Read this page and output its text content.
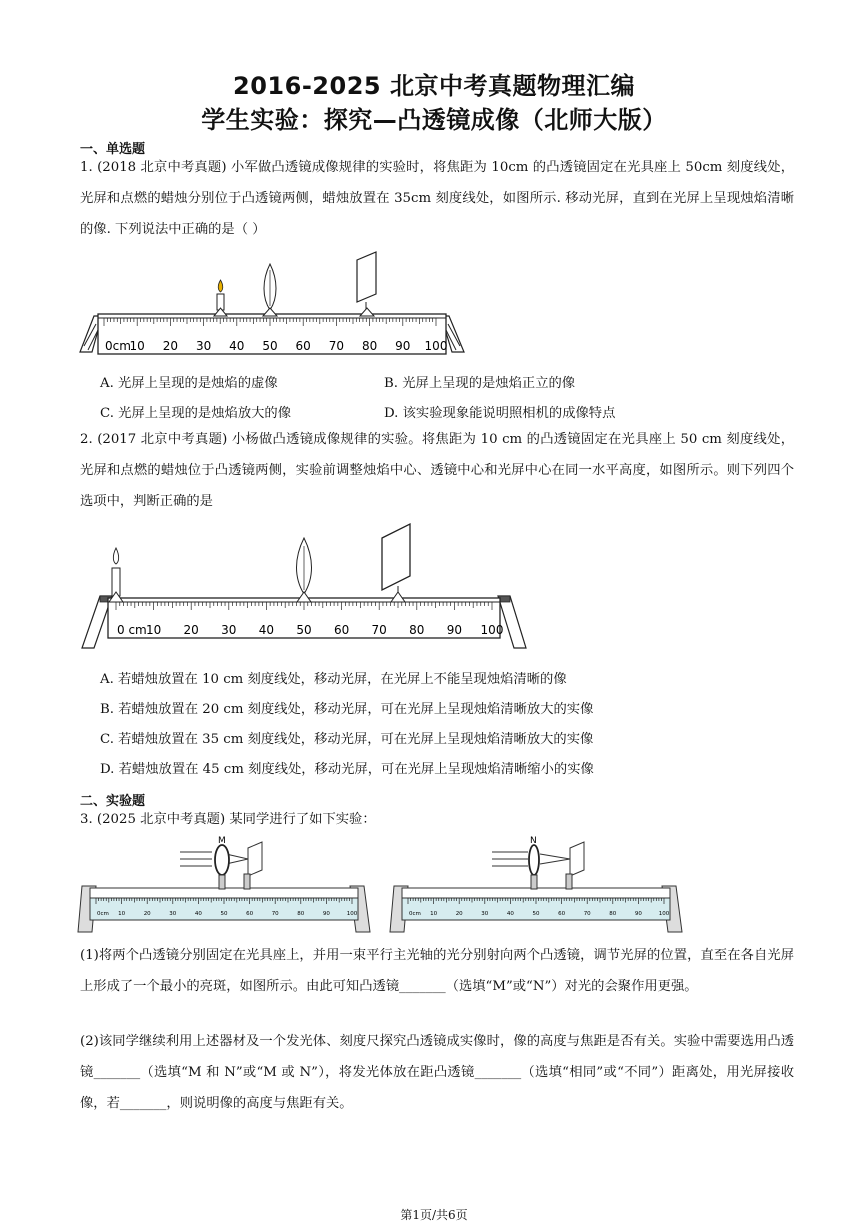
2016-2025 北京中考真题物理汇编
学生实验：探究—凸透镜成像（北师大版）
一、单选题
1. (2018 北京中考真题) 小军做凸透镜成像规律的实验时，将焦距为 10cm 的凸透镜固定在光具座上 50cm 刻度线处，光屏和点燃的蜡烛分别位于凸透镜两侧，蜡烛放置在 35cm 刻度线处，如图所示. 移动光屏，直到在光屏上呈现烛焰清晰的像. 下列说法中正确的是（ ）
0cm
10 20 30 40 50 60 70 80 90 100
A. 光屏上呈现的是烛焰的虚像	B. 光屏上呈现的是烛焰正立的像
C. 光屏上呈现的是烛焰放大的像	D. 该实验现象能说明照相机的成像特点
2. (2017 北京中考真题) 小杨做凸透镜成像规律的实验。将焦距为 10 cm 的凸透镜固定在光具座上 50 cm 刻度线处，光屏和点燃的蜡烛位于凸透镜两侧，实验前调整烛焰中心、透镜中心和光屏中心在同一水平高度，如图所示。则下列四个选项中，判断正确的是
0 cm 10 20 30 40 50 60 70 80 90 100
A. 若蜡烛放置在 10 cm 刻度线处，移动光屏，在光屏上不能呈现烛焰清晰的像
B. 若蜡烛放置在 20 cm 刻度线处，移动光屏，可在光屏上呈现烛焰清晰放大的实像
C. 若蜡烛放置在 35 cm 刻度线处，移动光屏，可在光屏上呈现烛焰清晰放大的实像
D. 若蜡烛放置在 45 cm 刻度线处，移动光屏，可在光屏上呈现烛焰清晰缩小的实像
二、实验题
3. (2025 北京中考真题) 某同学进行了如下实验：
0cm 10	20	30	40	50	60	70	80	90	100
M
0cm 10	20	30	40	50	60	70	80	90	100
N
(1)将两个凸透镜分别固定在光具座上，并用一束平行主光轴的光分别射向两个凸透镜，调节光屏的位置，直至在各自光屏上形成了一个最小的亮斑，如图所示。由此可知凸透镜_______（选填“M”或“N”）对光的会聚作用更强。
(2)该同学继续利用上述器材及一个发光体、刻度尺探究凸透镜成实像时，像的高度与焦距是否有关。实验中需要选用凸透镜_______（选填“M 和 N”或“M 或 N”），将发光体放在距凸透镜_______（选填“相同”或“不同”）距离处，用光屏接收像，若_______，则说明像的高度与焦距有关。
第1页/共6页
